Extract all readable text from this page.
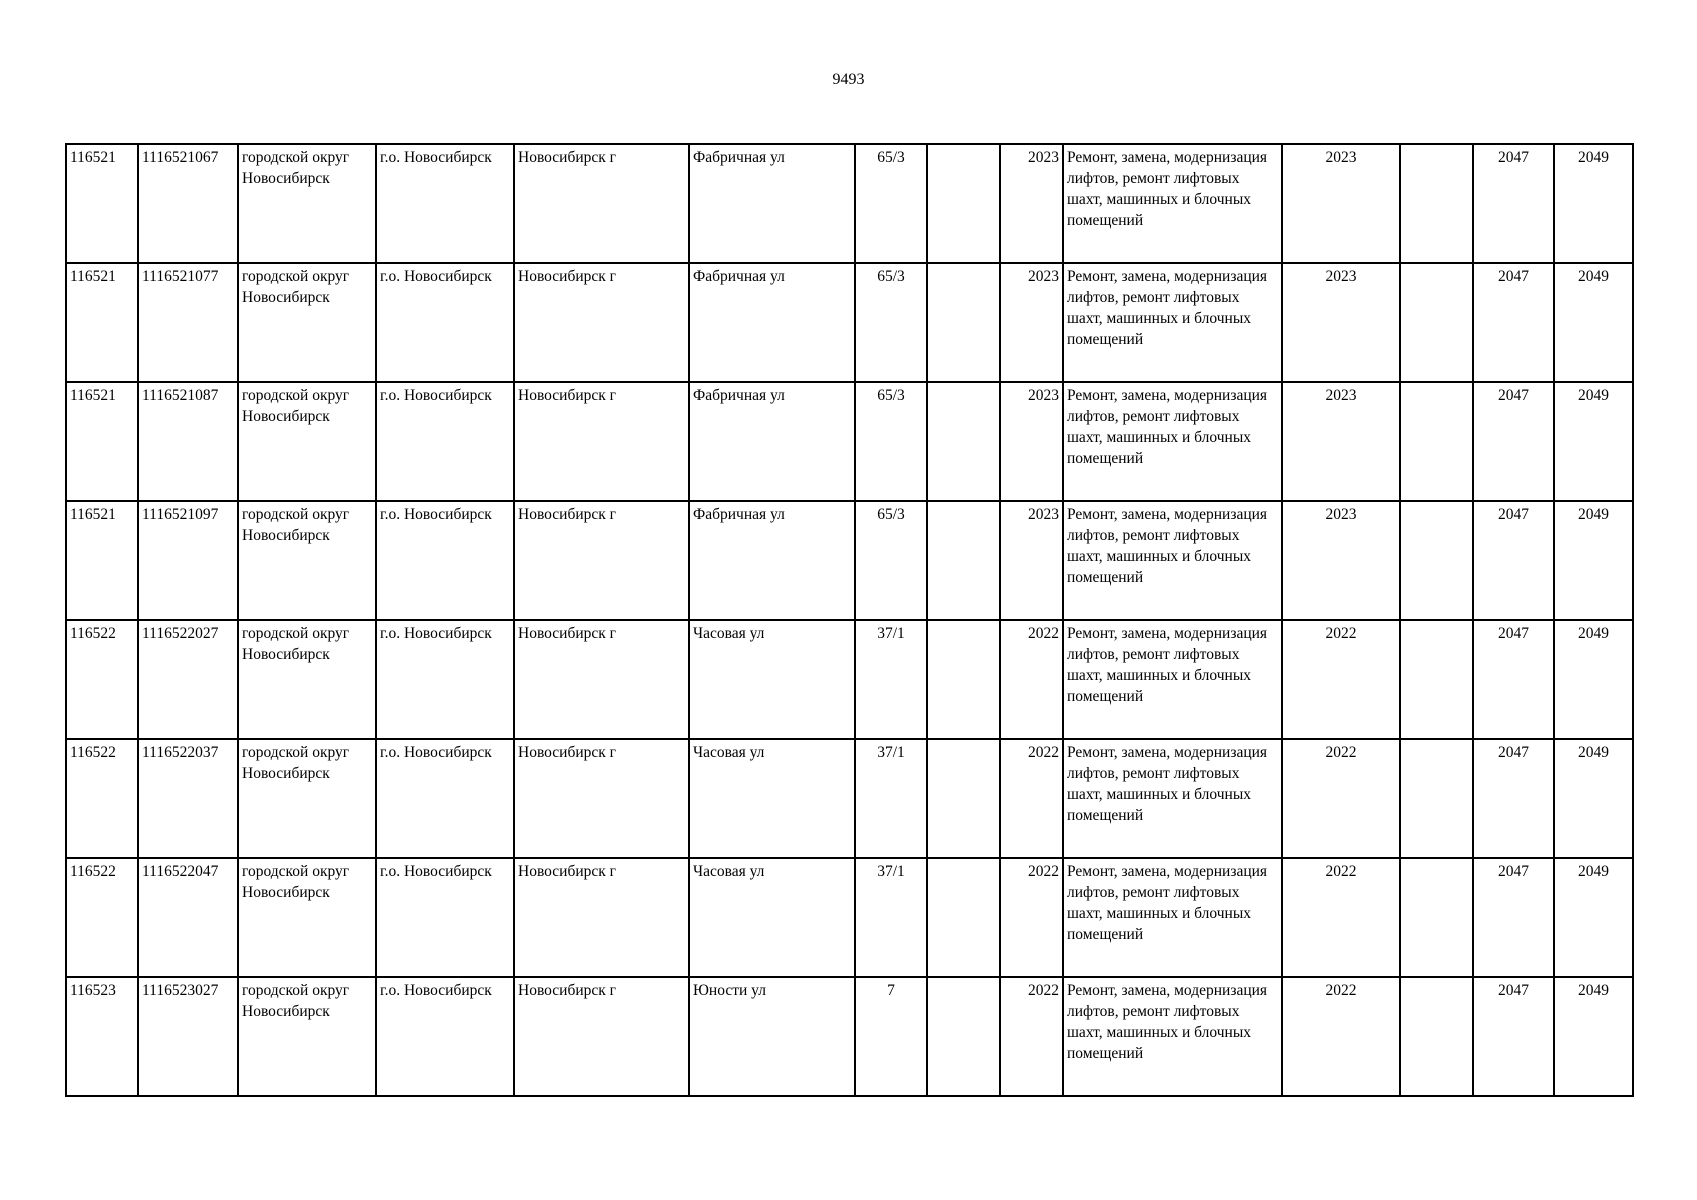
9493
116521	1116521067	городской округ Новосибирск	г.о. Новосибирск	Новосибирск г	Фабричная ул	65/3		2023	Ремонт, замена, модернизация лифтов, ремонт лифтовых шахт, машинных и блочных помещений	2023		2047	2049
116521	1116521077	городской округ Новосибирск	г.о. Новосибирск	Новосибирск г	Фабричная ул	65/3		2023	Ремонт, замена, модернизация лифтов, ремонт лифтовых шахт, машинных и блочных помещений	2023		2047	2049
116521	1116521087	городской округ Новосибирск	г.о. Новосибирск	Новосибирск г	Фабричная ул	65/3		2023	Ремонт, замена, модернизация лифтов, ремонт лифтовых шахт, машинных и блочных помещений	2023		2047	2049
116521	1116521097	городской округ Новосибирск	г.о. Новосибирск	Новосибирск г	Фабричная ул	65/3		2023	Ремонт, замена, модернизация лифтов, ремонт лифтовых шахт, машинных и блочных помещений	2023		2047	2049
116522	1116522027	городской округ Новосибирск	г.о. Новосибирск	Новосибирск г	Часовая ул	37/1		2022	Ремонт, замена, модернизация лифтов, ремонт лифтовых шахт, машинных и блочных помещений	2022		2047	2049
116522	1116522037	городской округ Новосибирск	г.о. Новосибирск	Новосибирск г	Часовая ул	37/1		2022	Ремонт, замена, модернизация лифтов, ремонт лифтовых шахт, машинных и блочных помещений	2022		2047	2049
116522	1116522047	городской округ Новосибирск	г.о. Новосибирск	Новосибирск г	Часовая ул	37/1		2022	Ремонт, замена, модернизация лифтов, ремонт лифтовых шахт, машинных и блочных помещений	2022		2047	2049
116523	1116523027	городской округ Новосибирск	г.о. Новосибирск	Новосибирск г	Юности ул	7		2022	Ремонт, замена, модернизация лифтов, ремонт лифтовых шахт, машинных и блочных помещений	2022		2047	2049
